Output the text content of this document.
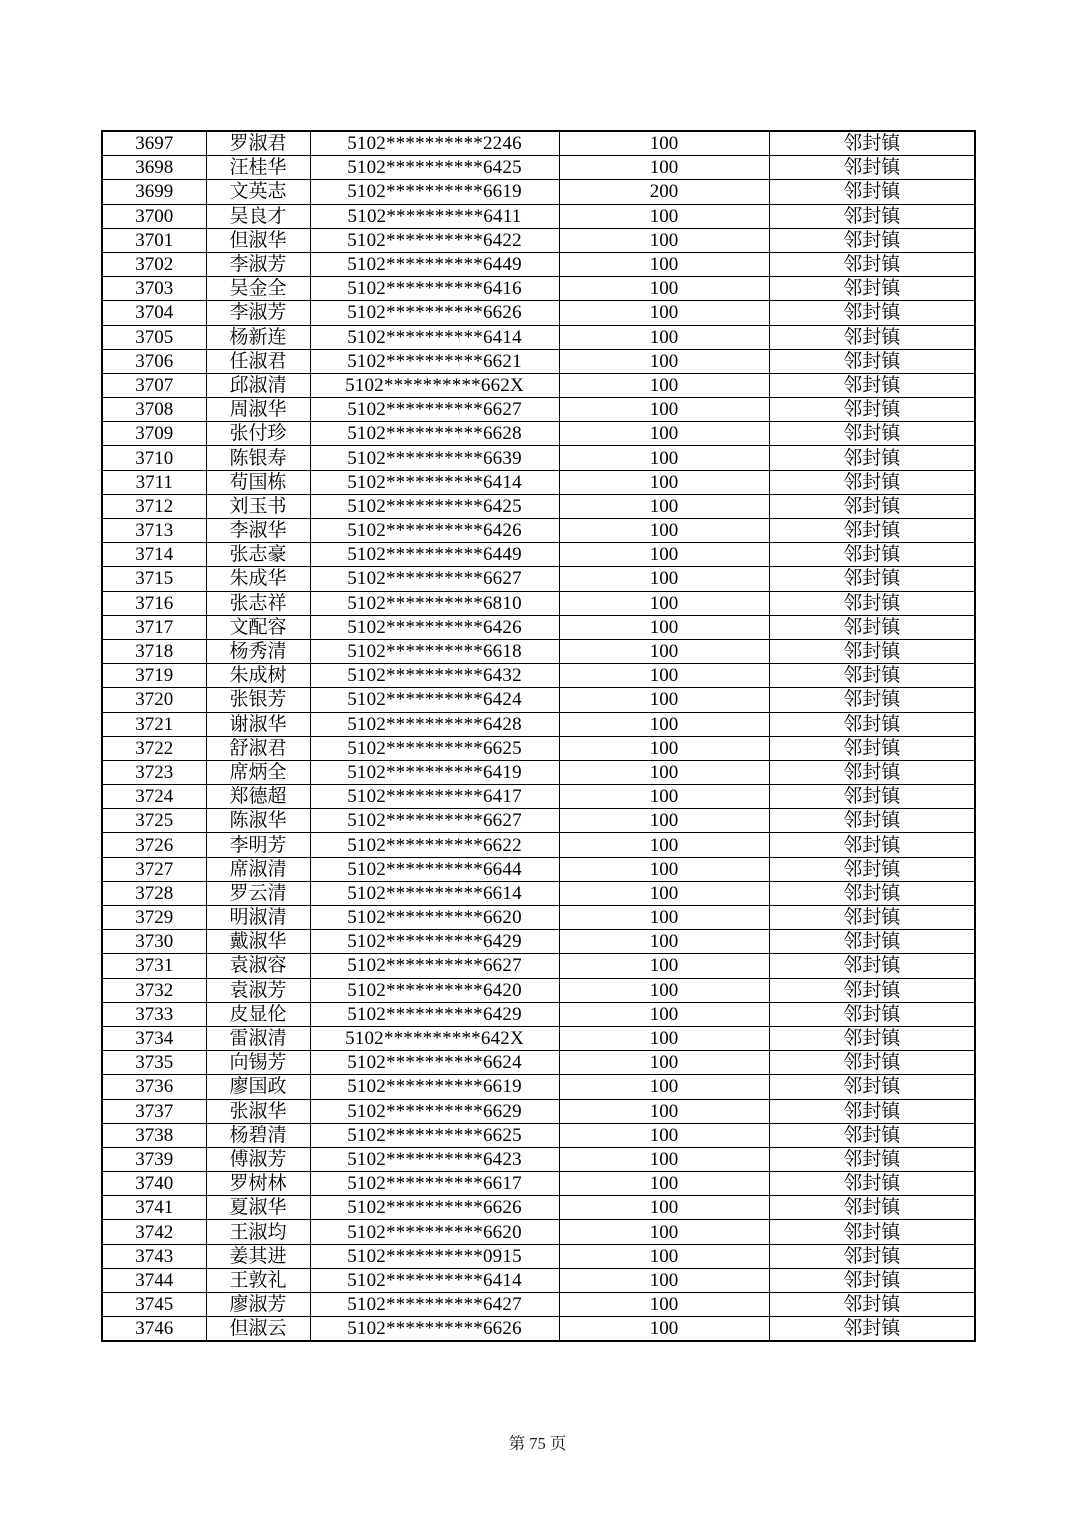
3697	罗淑君	5102**********2246	100	邻封镇
3698	汪桂华	5102**********6425	100	邻封镇
3699	文英志	5102**********6619	200	邻封镇
3700	吴良才	5102**********6411	100	邻封镇
3701	但淑华	5102**********6422	100	邻封镇
3702	李淑芳	5102**********6449	100	邻封镇
3703	吴金全	5102**********6416	100	邻封镇
3704	李淑芳	5102**********6626	100	邻封镇
3705	杨新连	5102**********6414	100	邻封镇
3706	任淑君	5102**********6621	100	邻封镇
3707	邱淑清	5102**********662X	100	邻封镇
3708	周淑华	5102**********6627	100	邻封镇
3709	张付珍	5102**********6628	100	邻封镇
3710	陈银寿	5102**********6639	100	邻封镇
3711	苟国栋	5102**********6414	100	邻封镇
3712	刘玉书	5102**********6425	100	邻封镇
3713	李淑华	5102**********6426	100	邻封镇
3714	张志豪	5102**********6449	100	邻封镇
3715	朱成华	5102**********6627	100	邻封镇
3716	张志祥	5102**********6810	100	邻封镇
3717	文配容	5102**********6426	100	邻封镇
3718	杨秀清	5102**********6618	100	邻封镇
3719	朱成树	5102**********6432	100	邻封镇
3720	张银芳	5102**********6424	100	邻封镇
3721	谢淑华	5102**********6428	100	邻封镇
3722	舒淑君	5102**********6625	100	邻封镇
3723	席炳全	5102**********6419	100	邻封镇
3724	郑德超	5102**********6417	100	邻封镇
3725	陈淑华	5102**********6627	100	邻封镇
3726	李明芳	5102**********6622	100	邻封镇
3727	席淑清	5102**********6644	100	邻封镇
3728	罗云清	5102**********6614	100	邻封镇
3729	明淑清	5102**********6620	100	邻封镇
3730	戴淑华	5102**********6429	100	邻封镇
3731	袁淑容	5102**********6627	100	邻封镇
3732	袁淑芳	5102**********6420	100	邻封镇
3733	皮显伦	5102**********6429	100	邻封镇
3734	雷淑清	5102**********642X	100	邻封镇
3735	向锡芳	5102**********6624	100	邻封镇
3736	廖国政	5102**********6619	100	邻封镇
3737	张淑华	5102**********6629	100	邻封镇
3738	杨碧清	5102**********6625	100	邻封镇
3739	傅淑芳	5102**********6423	100	邻封镇
3740	罗树林	5102**********6617	100	邻封镇
3741	夏淑华	5102**********6626	100	邻封镇
3742	王淑均	5102**********6620	100	邻封镇
3743	姜其进	5102**********0915	100	邻封镇
3744	王敦礼	5102**********6414	100	邻封镇
3745	廖淑芳	5102**********6427	100	邻封镇
3746	但淑云	5102**********6626	100	邻封镇
第 75 页
